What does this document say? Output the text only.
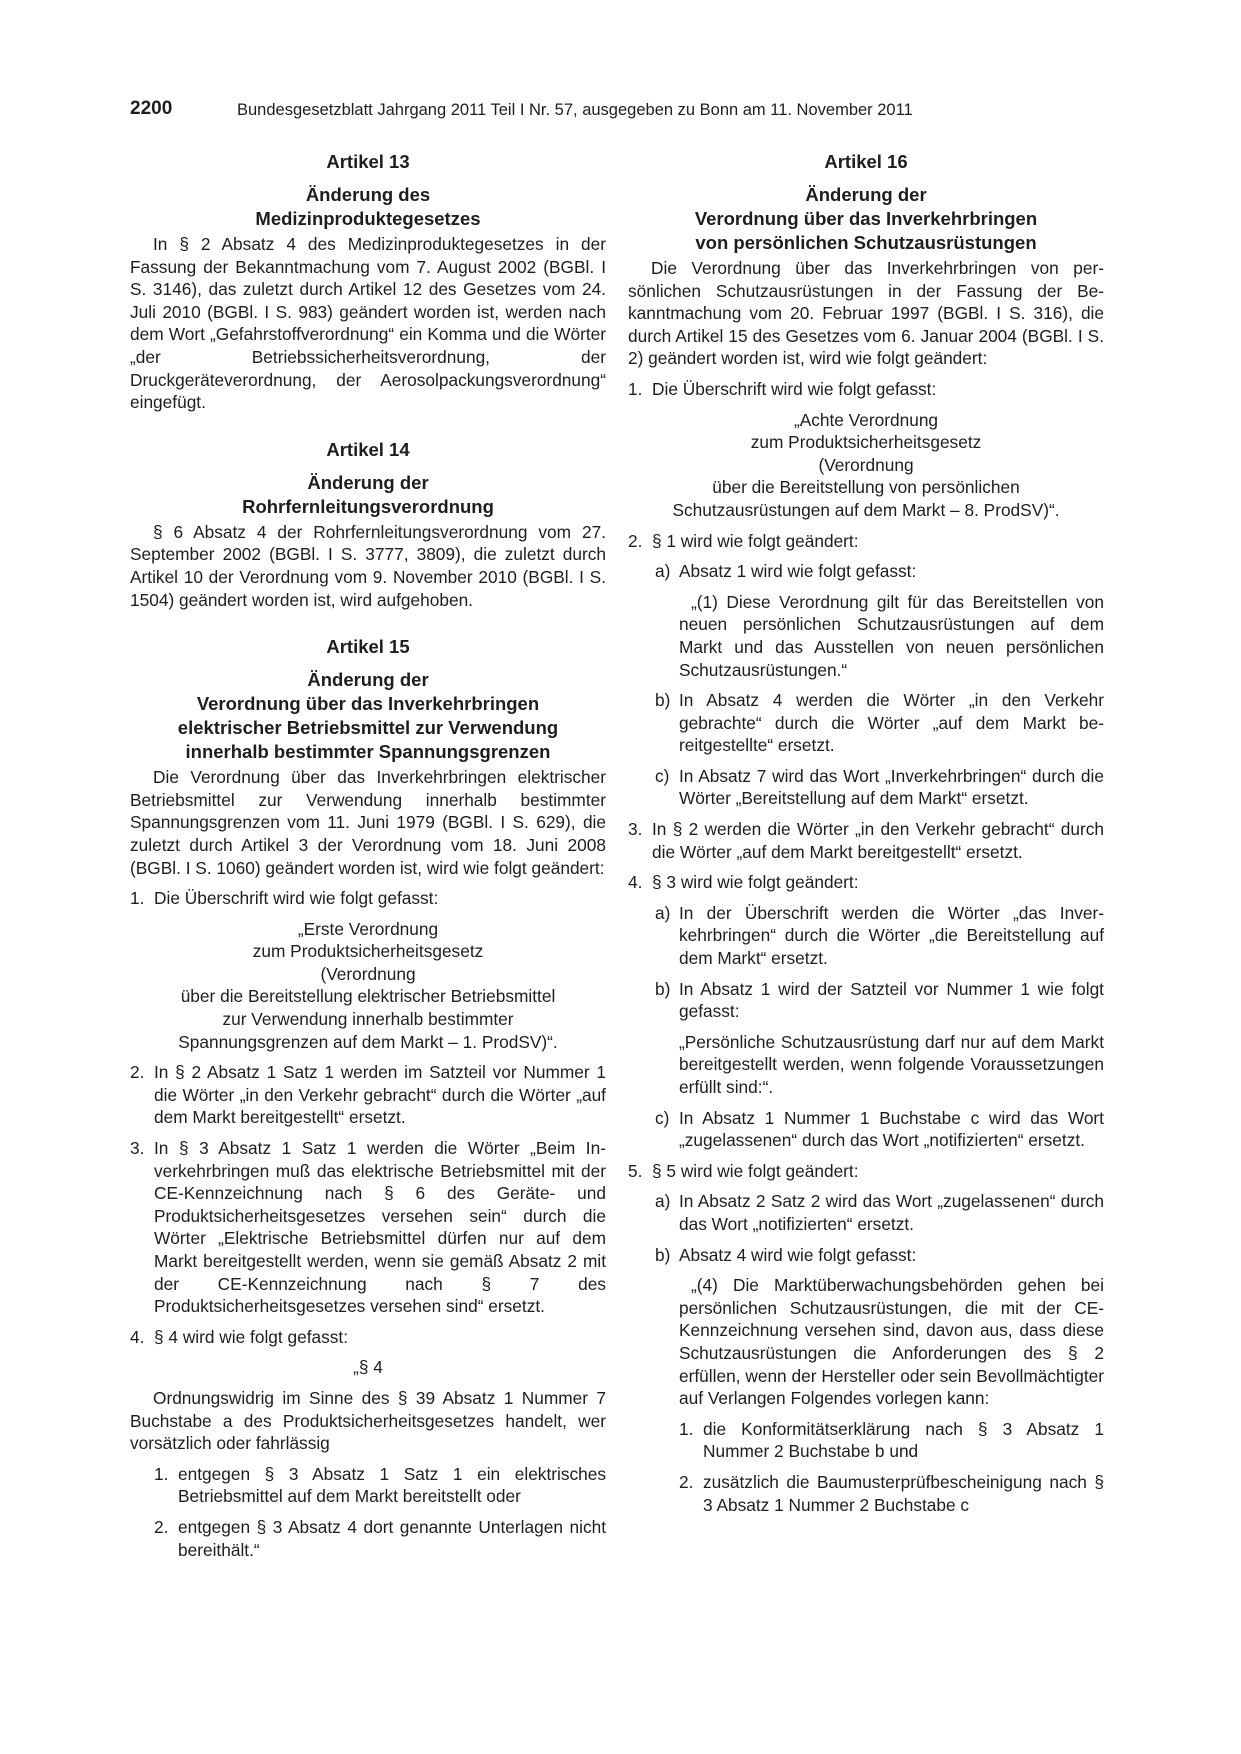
2200	Bundesgesetzblatt Jahrgang 2011 Teil I Nr. 57, ausgegeben zu Bonn am 11. November 2011
Artikel 13
Änderung des
Medizinproduktegesetzes

In § 2 Absatz 4 des Medizinproduktegesetzes in der Fassung der Bekanntmachung vom 7. August 2002 (BGBl. I S. 3146), das zuletzt durch Artikel 12 des Gesetzes vom 24. Juli 2010 (BGBl. I S. 983) geändert worden ist, werden nach dem Wort „Gefahrstoffverordnung“ ein Komma und die Wörter „der Betriebssicherheitsverordnung, der Druckgeräteverordnung, der Aerosolpackungsverordnung“ eingefügt.

Artikel 14
Änderung der
Rohrfernleitungsverordnung

§ 6 Absatz 4 der Rohrfernleitungsverordnung vom 27. September 2002 (BGBl. I S. 3777, 3809), die zuletzt durch Artikel 10 der Verordnung vom 9. November 2010 (BGBl. I S. 1504) geändert worden ist, wird aufgehoben.

Artikel 15
Änderung der
Verordnung über das Inverkehrbringen
elektrischer Betriebsmittel zur Verwendung
innerhalb bestimmter Spannungsgrenzen

Die Verordnung über das Inverkehrbringen elektrischer Betriebsmittel zur Verwendung innerhalb bestimmter Spannungsgrenzen vom 11. Juni 1979 (BGBl. I S. 629), die zuletzt durch Artikel 3 der Verordnung vom 18. Juni 2008 (BGBl. I S. 1060) geändert worden ist, wird wie folgt geändert:

1. Die Überschrift wird wie folgt gefasst:
„Erste Verordnung
zum Produktsicherheitsgesetz
(Verordnung
über die Bereitstellung elektrischer Betriebsmittel
zur Verwendung innerhalb bestimmter
Spannungsgrenzen auf dem Markt – 1. ProdSV)“.
2. In § 2 Absatz 1 Satz 1 werden im Satzteil vor Nummer 1 die Wörter „in den Verkehr gebracht“ durch die Wörter „auf dem Markt bereitgestellt“ ersetzt.
3. In § 3 Absatz 1 Satz 1 werden die Wörter „Beim Inverkehrbringen muß das elektrische Betriebsmittel mit der CE-Kennzeichnung nach § 6 des Geräte- und Produktsicherheitsgesetzes versehen sein“ durch die Wörter „Elektrische Betriebsmittel dürfen nur auf dem Markt bereitgestellt werden, wenn sie gemäß Absatz 2 mit der CE-Kennzeichnung nach § 7 des Produktsicherheitsgesetzes versehen sind“ ersetzt.
4. § 4 wird wie folgt gefasst:
„§ 4

Ordnungswidrig im Sinne des § 39 Absatz 1 Nummer 7 Buchstabe a des Produktsicherheitsgesetzes handelt, wer vorsätzlich oder fahrlässig

1. entgegen § 3 Absatz 1 Satz 1 ein elektrisches Betriebsmittel auf dem Markt bereitstellt oder
2. entgegen § 3 Absatz 4 dort genannte Unterlagen nicht bereithält.“
Artikel 16
Änderung der
Verordnung über das Inverkehrbringen
von persönlichen Schutzausrüstungen

Die Verordnung über das Inverkehrbringen von persönlichen Schutzausrüstungen in der Fassung der Bekanntmachung vom 20. Februar 1997 (BGBl. I S. 316), die durch Artikel 15 des Gesetzes vom 6. Januar 2004 (BGBl. I S. 2) geändert worden ist, wird wie folgt geändert:

1. Die Überschrift wird wie folgt gefasst:
„Achte Verordnung
zum Produktsicherheitsgesetz
(Verordnung
über die Bereitstellung von persönlichen
Schutzausrüstungen auf dem Markt – 8. ProdSV)“.
2. § 1 wird wie folgt geändert:
a) Absatz 1 wird wie folgt gefasst:

„(1) Diese Verordnung gilt für das Bereitstellen von neuen persönlichen Schutzausrüstungen auf dem Markt und das Ausstellen von neuen persönlichen Schutzausrüstungen.“

b) In Absatz 4 werden die Wörter „in den Verkehr gebrachte“ durch die Wörter „auf dem Markt bereitgestellte“ ersetzt.
c) In Absatz 7 wird das Wort „Inverkehrbringen“ durch die Wörter „Bereitstellung auf dem Markt“ ersetzt.
3. In § 2 werden die Wörter „in den Verkehr gebracht“ durch die Wörter „auf dem Markt bereitgestellt“ ersetzt.
4. § 3 wird wie folgt geändert:
a) In der Überschrift werden die Wörter „das Inverkehrbringen“ durch die Wörter „die Bereitstellung auf dem Markt“ ersetzt.
b) In Absatz 1 wird der Satzteil vor Nummer 1 wie folgt gefasst:

„Persönliche Schutzausrüstung darf nur auf dem Markt bereitgestellt werden, wenn folgende Voraussetzungen erfüllt sind:“.

c) In Absatz 1 Nummer 1 Buchstabe c wird das Wort „zugelassenen“ durch das Wort „notifizierten“ ersetzt.
5. § 5 wird wie folgt geändert:
a) In Absatz 2 Satz 2 wird das Wort „zugelassenen“ durch das Wort „notifizierten“ ersetzt.
b) Absatz 4 wird wie folgt gefasst:

„(4) Die Marktüberwachungsbehörden gehen bei persönlichen Schutzausrüstungen, die mit der CE-Kennzeichnung versehen sind, davon aus, dass diese Schutzausrüstungen die Anforderungen des § 2 erfüllen, wenn der Hersteller oder sein Bevollmächtigter auf Verlangen Folgendes vorlegen kann:

1. die Konformitätserklärung nach § 3 Absatz 1 Nummer 2 Buchstabe b und
2. zusätzlich die Baumusterprüfbescheinigung nach § 3 Absatz 1 Nummer 2 Buchstabe c
